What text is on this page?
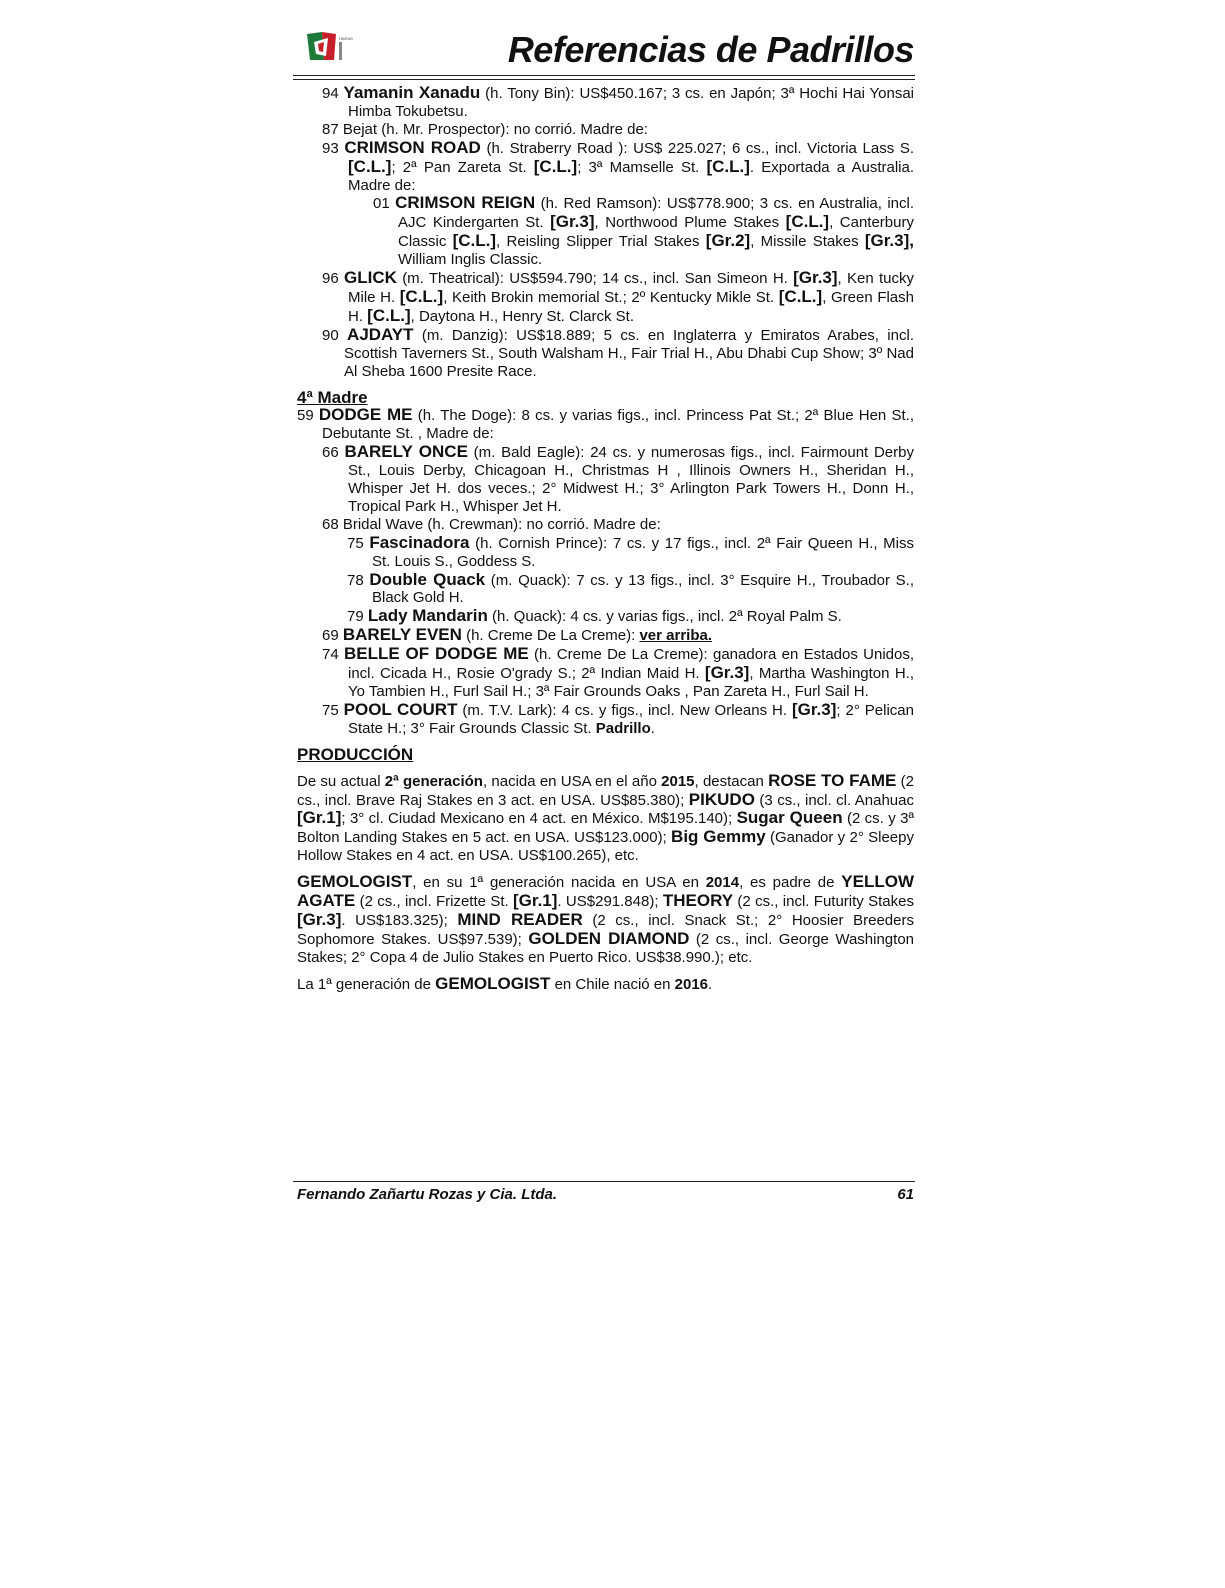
HARAS	Referencias de Padrillos

94 Yamanin Xanadu (h. Tony Bin): US$450.167; 3 cs. en Japón; 3ª Hochi Hai Yonsai Himba Tokubetsu.

87 Bejat (h. Mr. Prospector): no corrió. Madre de:

93 CRIMSON ROAD (h. Straberry Road ): US$ 225.027; 6 cs., incl. Victoria Lass S. [C.L.]; 2ª Pan Zareta St. [C.L.]; 3ª Mamselle St. [C.L.]. Exportada a Australia. Madre de:

01 CRIMSON REIGN (h. Red Ramson): US$778.900; 3 cs. en Australia, incl. AJC Kindergarten St. [Gr.3], Northwood Plume Stakes [C.L.], Canterbury Classic [C.L.], Reisling Slipper Trial Stakes [Gr.2], Missile Stakes [Gr.3], William Inglis Classic.

96 GLICK (m. Theatrical): US$594.790; 14 cs., incl. San Simeon H. [Gr.3], Ken tucky Mile H. [C.L.], Keith Brokin memorial St.; 2º Kentucky Mikle St. [C.L.], Green Flash H. [C.L.], Daytona H., Henry St. Clarck St.

90 AJDAYT (m. Danzig): US$18.889; 5 cs. en Inglaterra y Emiratos Arabes, incl. Scottish Taverners St., South Walsham H., Fair Trial H., Abu Dhabi Cup Show; 3º Nad Al Sheba 1600 Presite Race.

4ª Madre

59 DODGE ME (h. The Doge): 8 cs. y varias figs., incl. Princess Pat St.; 2ª Blue Hen St., Debutante St. , Madre de:

66 BARELY ONCE (m. Bald Eagle): 24 cs. y numerosas figs., incl. Fairmount Derby St., Louis Derby, Chicagoan H., Christmas H , Illinois Owners H., Sheridan H., Whisper Jet H. dos veces.; 2° Midwest H.; 3° Arlington Park Towers H., Donn H., Tropical Park H., Whisper Jet H.

68 Bridal Wave (h. Crewman): no corrió. Madre de:

75 Fascinadora (h. Cornish Prince): 7 cs. y 17 figs., incl. 2ª Fair Queen H., Miss St. Louis S., Goddess S.

78 Double Quack (m. Quack): 7 cs. y 13 figs., incl. 3° Esquire H., Troubador S., Black Gold H.

79 Lady Mandarin (h. Quack): 4 cs. y varias figs., incl. 2ª Royal Palm S.

69 BARELY EVEN (h. Creme De La Creme): ver arriba.

74 BELLE OF DODGE ME (h. Creme De La Creme): ganadora en Estados Unidos, incl. Cicada H., Rosie O'grady S.; 2ª Indian Maid H. [Gr.3], Martha Washington H., Yo Tambien H., Furl Sail H.; 3ª Fair Grounds Oaks , Pan Zareta H., Furl Sail H.

75 POOL COURT (m. T.V. Lark): 4 cs. y figs., incl. New Orleans H. [Gr.3]; 2° Pelican State H.; 3° Fair Grounds Classic St. Padrillo.

PRODUCCIÓN

De su actual 2ª generación, nacida en USA en el año 2015, destacan ROSE TO FAME (2 cs., incl. Brave Raj Stakes en 3 act. en USA. US$85.380); PIKUDO (3 cs., incl. cl. Anahuac [Gr.1]; 3° cl. Ciudad Mexicano en 4 act. en México. M$195.140); Sugar Queen (2 cs. y 3ª Bolton Landing Stakes en 5 act. en USA. US$123.000); Big Gemmy (Ganador y 2° Sleepy Hollow Stakes en 4 act. en USA. US$100.265), etc.

GEMOLOGIST, en su 1ª generación nacida en USA en 2014, es padre de YELLOW AGATE (2 cs., incl. Frizette St. [Gr.1]. US$291.848); THEORY (2 cs., incl. Futurity Stakes [Gr.3]. US$183.325); MIND READER (2 cs., incl. Snack St.; 2° Hoosier Breeders Sophomore Stakes. US$97.539); GOLDEN DIAMOND (2 cs., incl. George Washington Stakes; 2° Copa 4 de Julio Stakes en Puerto Rico. US$38.990.); etc.

La 1ª generación de GEMOLOGIST en Chile nació en 2016.

Fernando Zañartu Rozas y Cia. Ltda.	61
